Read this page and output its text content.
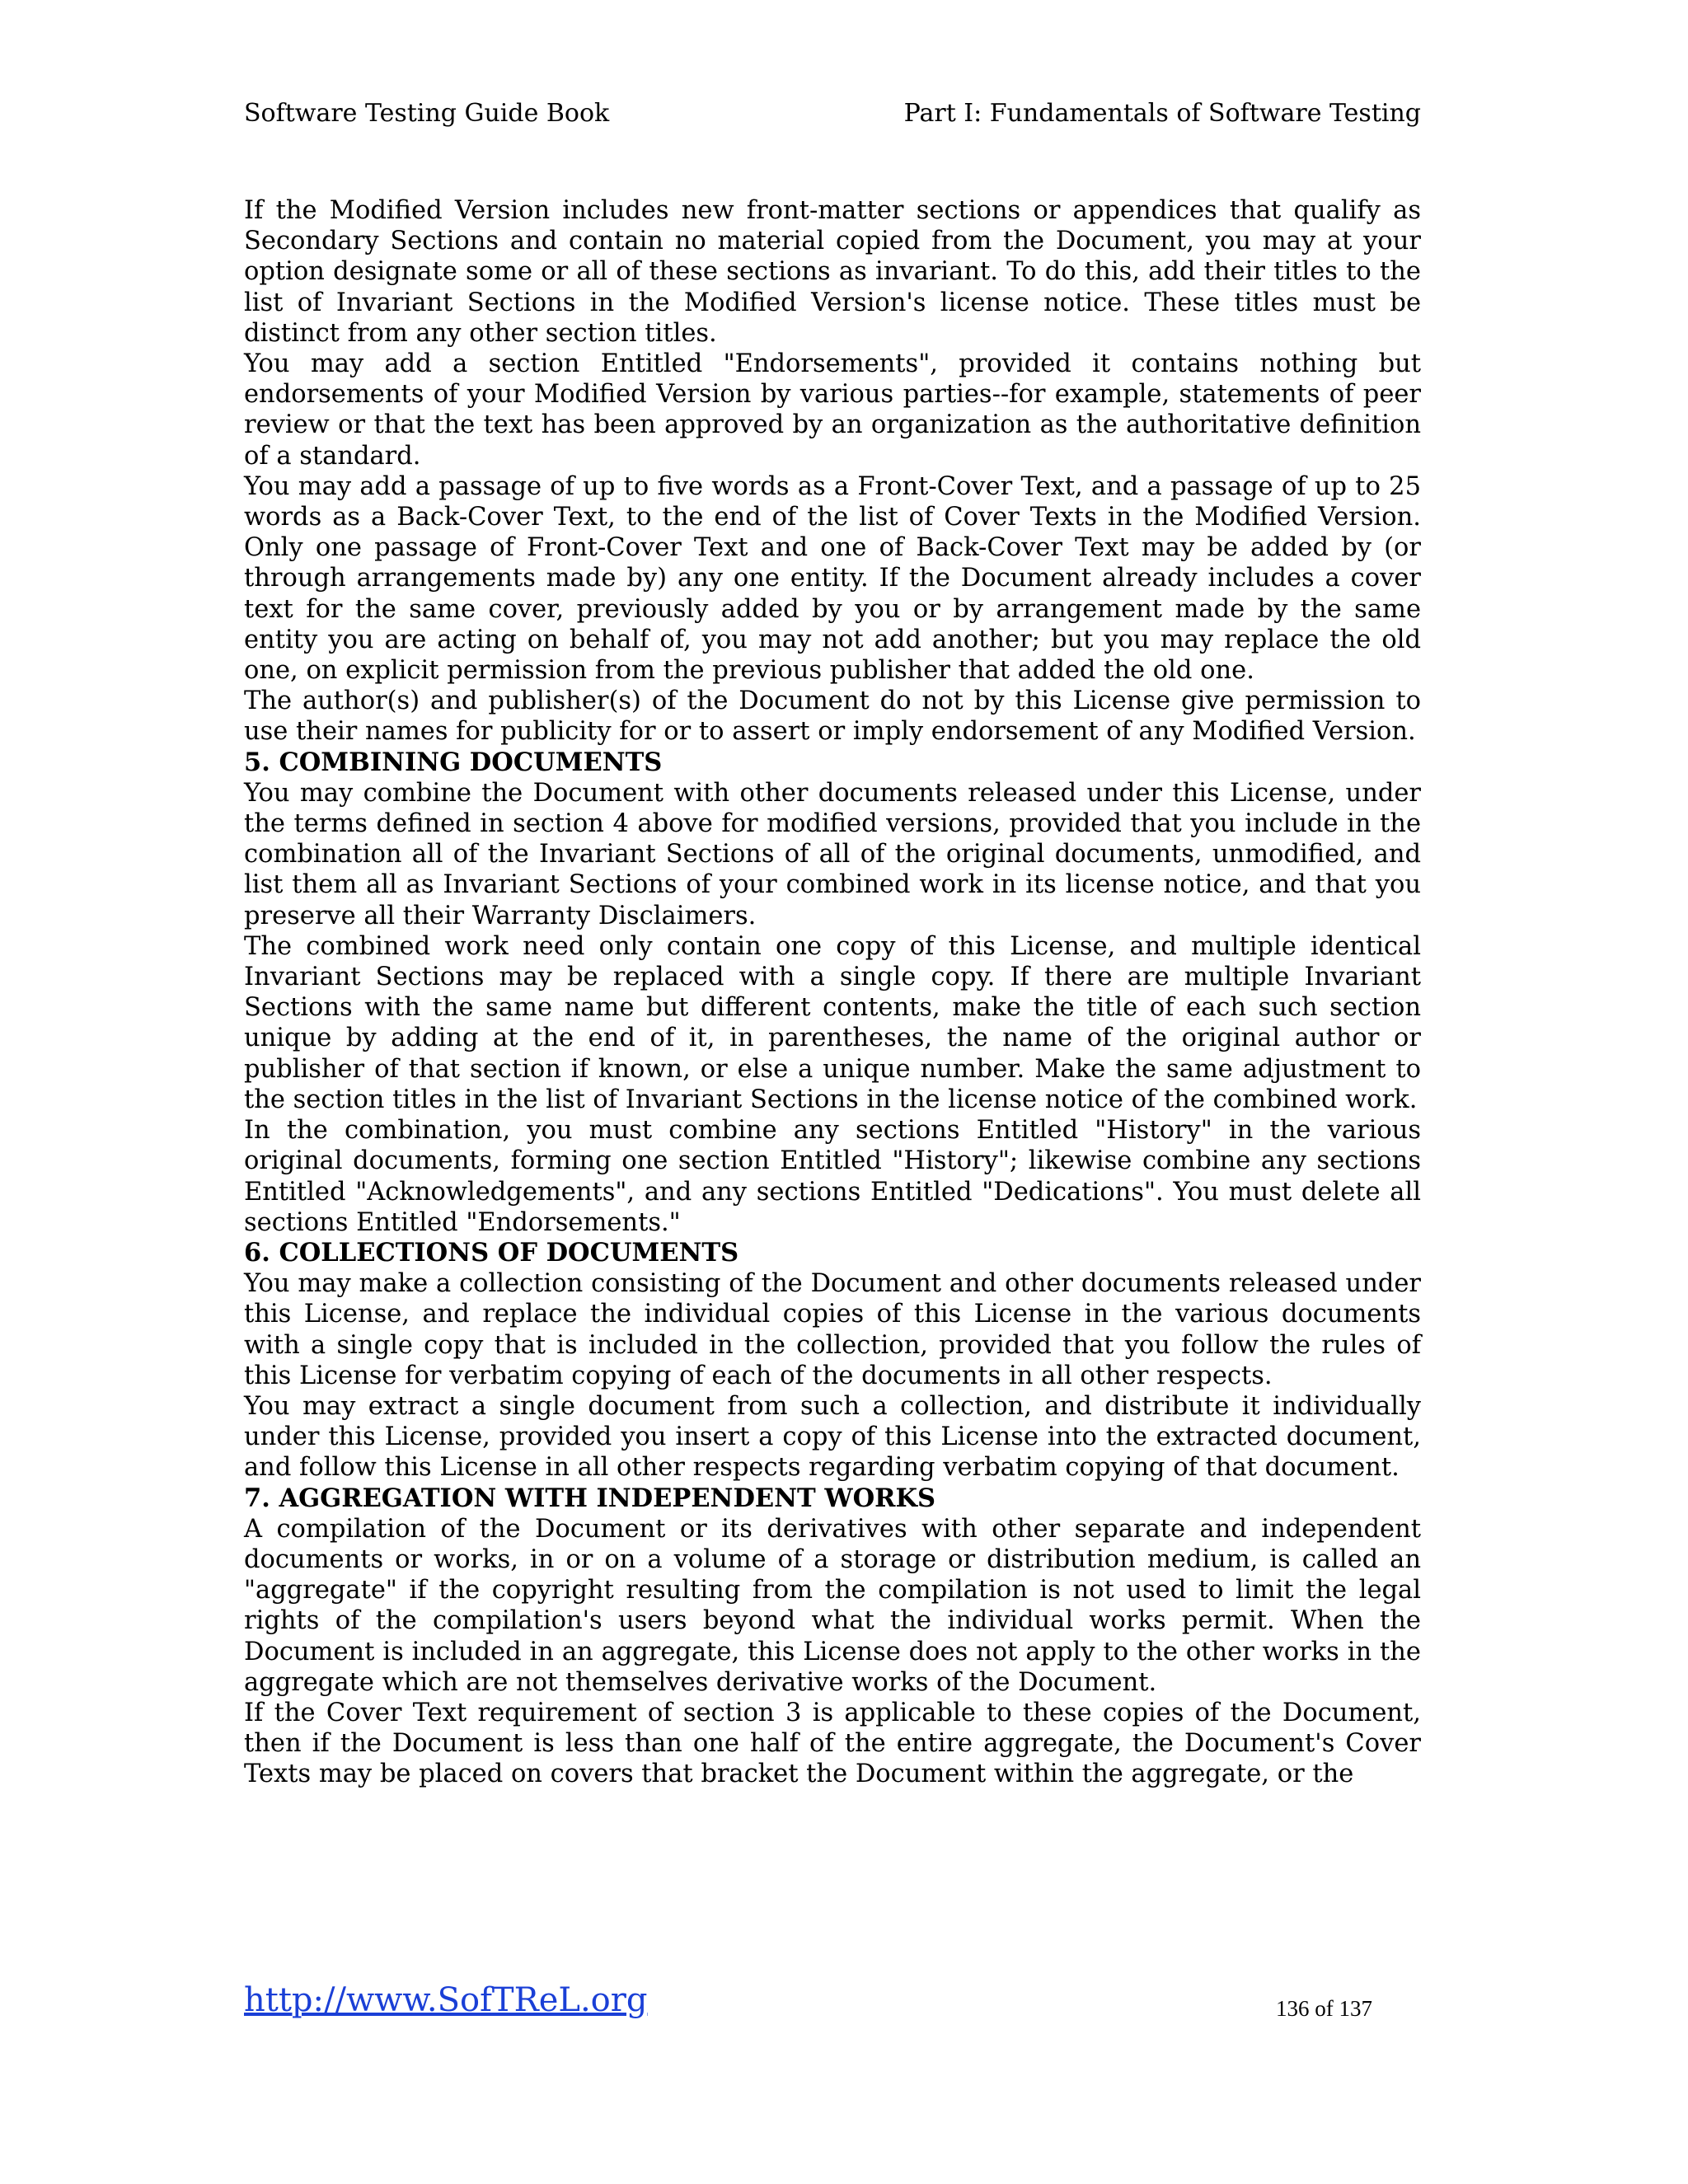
Software Testing Guide Book	Part I: Fundamentals of Software Testing

If the Modified Version includes new front-matter sections or appendices that qualify as Secondary Sections and contain no material copied from the Document, you may at your option designate some or all of these sections as invariant. To do this, add their titles to the list of Invariant Sections in the Modified Version's license notice. These titles must be distinct from any other section titles.

You may add a section Entitled "Endorsements", provided it contains nothing but endorsements of your Modified Version by various parties--for example, statements of peer review or that the text has been approved by an organization as the authoritative definition of a standard.

You may add a passage of up to five words as a Front-Cover Text, and a passage of up to 25 words as a Back-Cover Text, to the end of the list of Cover Texts in the Modified Version. Only one passage of Front-Cover Text and one of Back-Cover Text may be added by (or through arrangements made by) any one entity. If the Document already includes a cover text for the same cover, previously added by you or by arrangement made by the same entity you are acting on behalf of, you may not add another; but you may replace the old one, on explicit permission from the previous publisher that added the old one.

The author(s) and publisher(s) of the Document do not by this License give permission to use their names for publicity for or to assert or imply endorsement of any Modified Version.

5. COMBINING DOCUMENTS

You may combine the Document with other documents released under this License, under the terms defined in section 4 above for modified versions, provided that you include in the combination all of the Invariant Sections of all of the original documents, unmodified, and list them all as Invariant Sections of your combined work in its license notice, and that you preserve all their Warranty Disclaimers.

The combined work need only contain one copy of this License, and multiple identical Invariant Sections may be replaced with a single copy. If there are multiple Invariant Sections with the same name but different contents, make the title of each such section unique by adding at the end of it, in parentheses, the name of the original author or publisher of that section if known, or else a unique number. Make the same adjustment to the section titles in the list of Invariant Sections in the license notice of the combined work.

In the combination, you must combine any sections Entitled "History" in the various original documents, forming one section Entitled "History"; likewise combine any sections Entitled "Acknowledgements", and any sections Entitled "Dedications". You must delete all sections Entitled "Endorsements."

6. COLLECTIONS OF DOCUMENTS

You may make a collection consisting of the Document and other documents released under this License, and replace the individual copies of this License in the various documents with a single copy that is included in the collection, provided that you follow the rules of this License for verbatim copying of each of the documents in all other respects.

You may extract a single document from such a collection, and distribute it individually under this License, provided you insert a copy of this License into the extracted document, and follow this License in all other respects regarding verbatim copying of that document.

7. AGGREGATION WITH INDEPENDENT WORKS

A compilation of the Document or its derivatives with other separate and independent documents or works, in or on a volume of a storage or distribution medium, is called an "aggregate" if the copyright resulting from the compilation is not used to limit the legal rights of the compilation's users beyond what the individual works permit. When the Document is included in an aggregate, this License does not apply to the other works in the aggregate which are not themselves derivative works of the Document.

If the Cover Text requirement of section 3 is applicable to these copies of the Document, then if the Document is less than one half of the entire aggregate, the Document's Cover Texts may be placed on covers that bracket the Document within the aggregate, or the

http://www.SofTReL.org	136 of 137
